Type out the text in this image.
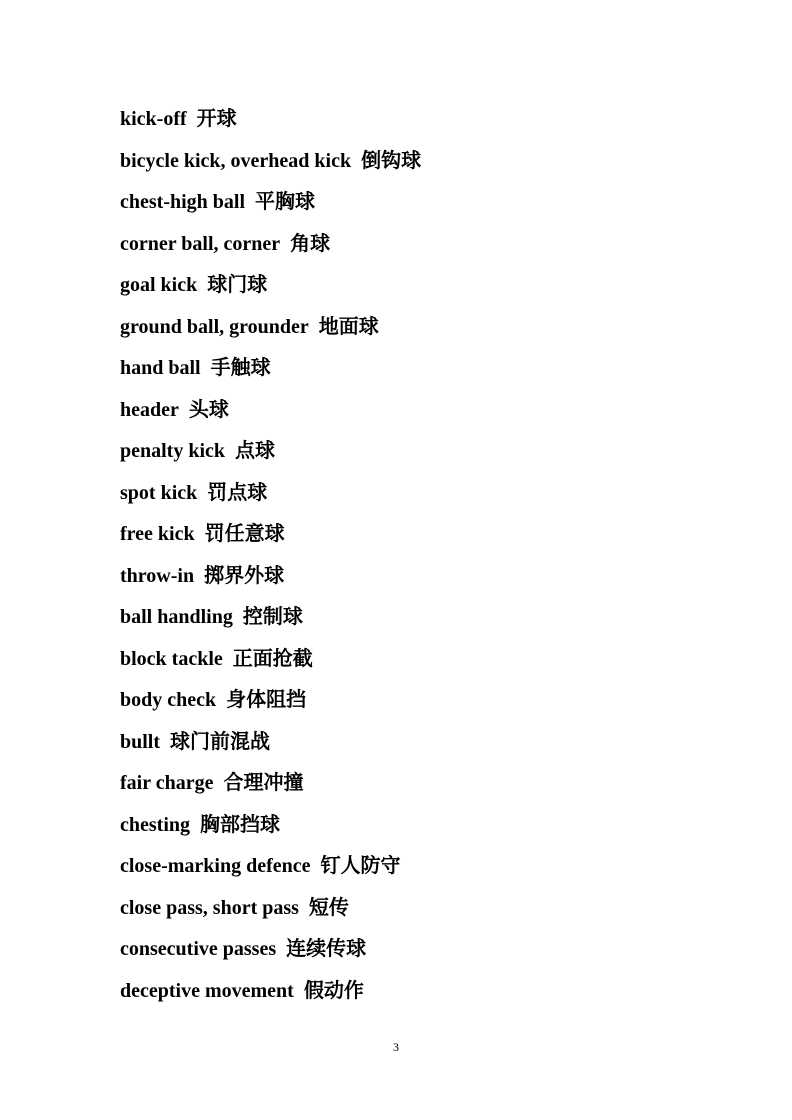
kick-off 开球
bicycle kick, overhead kick 倒钩球
chest-high ball 平胸球
corner ball, corner 角球
goal kick 球门球
ground ball, grounder 地面球
hand ball 手触球
header 头球
penalty kick 点球
spot kick 罚点球
free kick 罚任意球
throw-in 掷界外球
ball handling 控制球
block tackle 正面抢截
body check 身体阻挡
bullt 球门前混战
fair charge 合理冲撞
chesting 胸部挡球
close-marking defence 钉人防守
close pass, short pass 短传
consecutive passes 连续传球
deceptive movement 假动作
3
